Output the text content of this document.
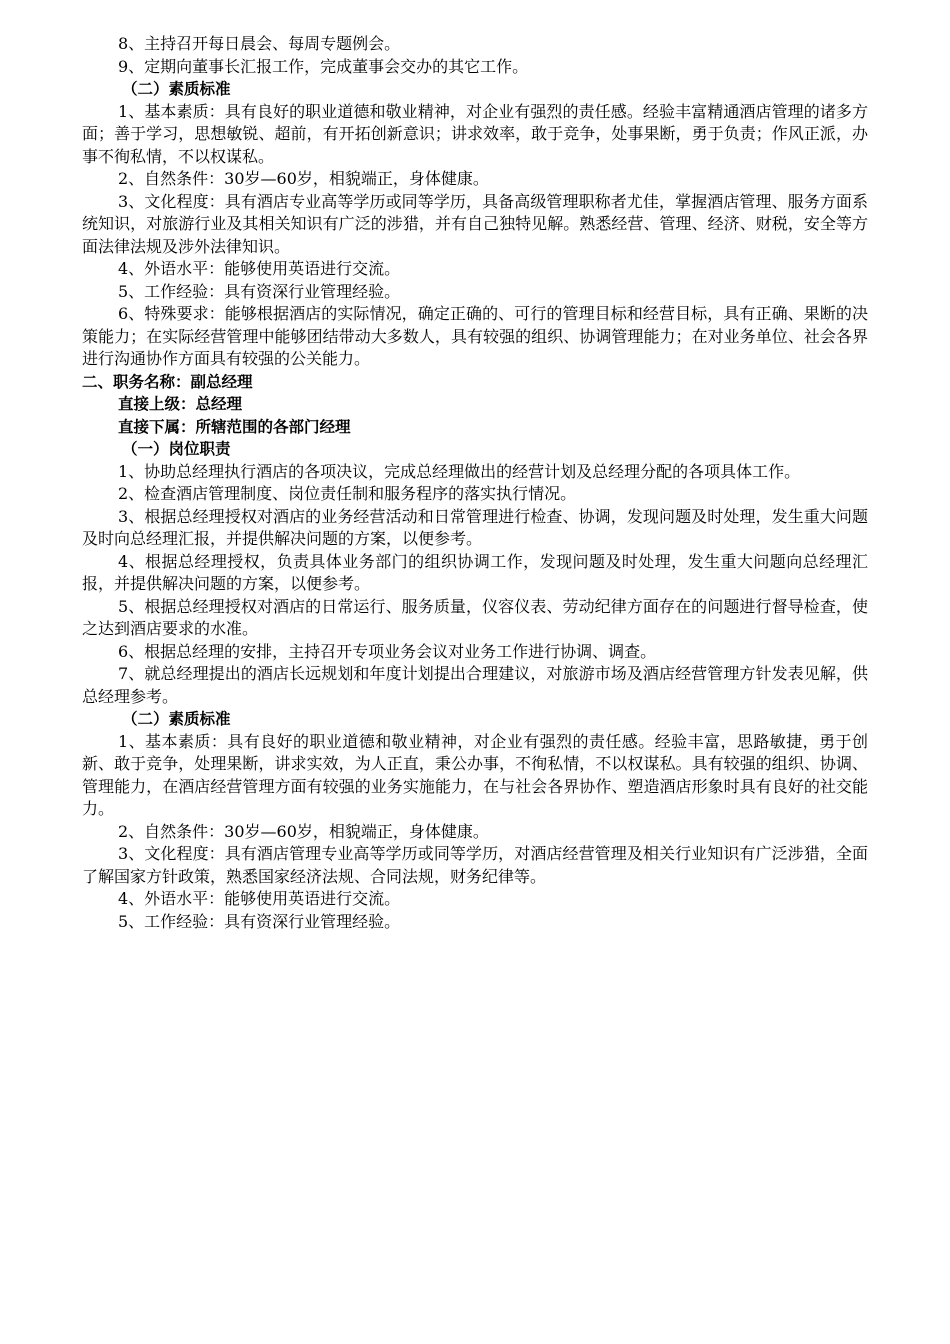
8、主持召开每日晨会、每周专题例会。

9、定期向董事长汇报工作，完成董事会交办的其它工作。

（二）素质标准

1、基本素质：具有良好的职业道德和敬业精神，对企业有强烈的责任感。经验丰富精通酒店管理的诸多方面；善于学习，思想敏锐、超前，有开拓创新意识；讲求效率，敢于竞争，处事果断，勇于负责；作风正派，办事不徇私情，不以权谋私。

2、自然条件：30岁—60岁，相貌端正，身体健康。

3、文化程度：具有酒店专业高等学历或同等学历，具备高级管理职称者尤佳，掌握酒店管理、服务方面系统知识，对旅游行业及其相关知识有广泛的涉猎，并有自己独特见解。熟悉经营、管理、经济、财税，安全等方面法律法规及涉外法律知识。

4、外语水平：能够使用英语进行交流。

5、工作经验：具有资深行业管理经验。

6、特殊要求：能够根据酒店的实际情况，确定正确的、可行的管理目标和经营目标，具有正确、果断的决策能力；在实际经营管理中能够团结带动大多数人，具有较强的组织、协调管理能力；在对业务单位、社会各界进行沟通协作方面具有较强的公关能力。

二、职务名称：副总经理

直接上级：总经理

直接下属：所辖范围的各部门经理

（一）岗位职责

1、协助总经理执行酒店的各项决议，完成总经理做出的经营计划及总经理分配的各项具体工作。

2、检查酒店管理制度、岗位责任制和服务程序的落实执行情况。

3、根据总经理授权对酒店的业务经营活动和日常管理进行检查、协调，发现问题及时处理，发生重大问题及时向总经理汇报，并提供解决问题的方案，以便参考。

4、根据总经理授权，负责具体业务部门的组织协调工作，发现问题及时处理，发生重大问题向总经理汇报，并提供解决问题的方案，以便参考。

5、根据总经理授权对酒店的日常运行、服务质量，仪容仪表、劳动纪律方面存在的问题进行督导检查，使之达到酒店要求的水准。

6、根据总经理的安排，主持召开专项业务会议对业务工作进行协调、调查。

7、就总经理提出的酒店长远规划和年度计划提出合理建议，对旅游市场及酒店经营管理方针发表见解，供总经理参考。

（二）素质标准

1、基本素质：具有良好的职业道德和敬业精神，对企业有强烈的责任感。经验丰富，思路敏捷，勇于创新、敢于竞争，处理果断，讲求实效，为人正直，秉公办事，不徇私情，不以权谋私。具有较强的组织、协调、管理能力，在酒店经营管理方面有较强的业务实施能力，在与社会各界协作、塑造酒店形象时具有良好的社交能力。

2、自然条件：30岁—60岁，相貌端正，身体健康。

3、文化程度：具有酒店管理专业高等学历或同等学历，对酒店经营管理及相关行业知识有广泛涉猎，全面了解国家方针政策，熟悉国家经济法规、合同法规，财务纪律等。

4、外语水平：能够使用英语进行交流。

5、工作经验：具有资深行业管理经验。
